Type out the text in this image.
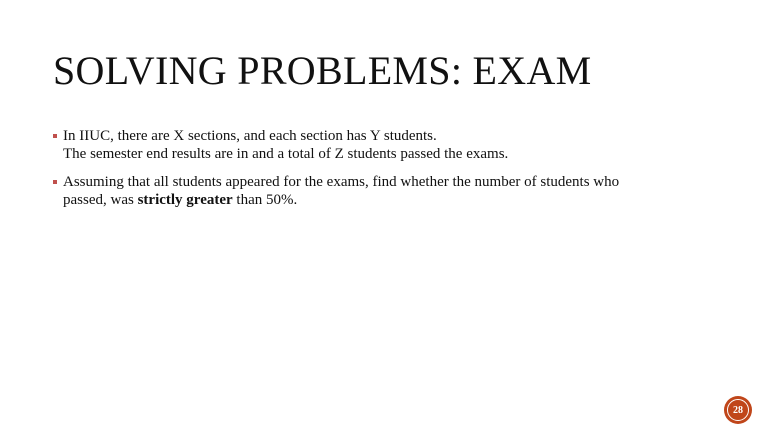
SOLVING PROBLEMS: EXAM
In IIUC, there are X sections, and each section has Y students.
The semester end results are in and a total of Z students passed the exams.
Assuming that all students appeared for the exams, find whether the number of students who
passed, was strictly greater than 50%.
28
